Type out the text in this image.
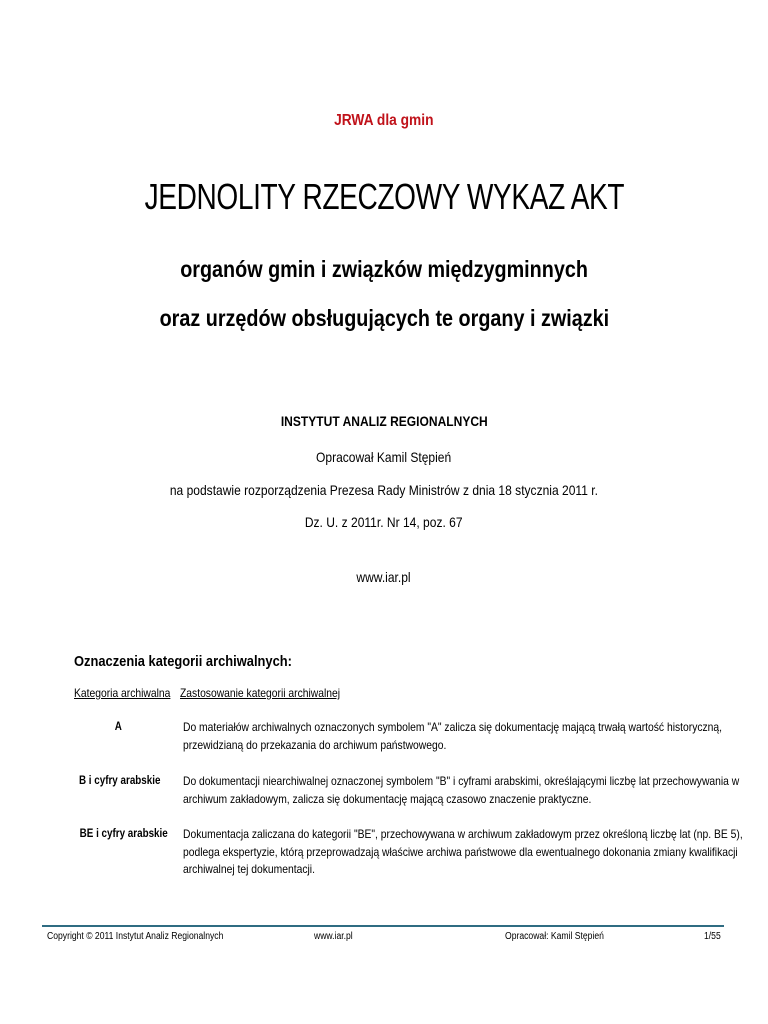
JRWA dla gmin
JEDNOLITY RZECZOWY WYKAZ AKT
organów gmin i związków międzygminnych
oraz urzędów obsługujących te organy i związki
INSTYTUT ANALIZ REGIONALNYCH
Opracował Kamil Stępień
na podstawie rozporządzenia Prezesa Rady Ministrów z dnia 18 stycznia 2011 r.
Dz. U. z 2011r. Nr 14, poz. 67
www.iar.pl
Oznaczenia kategorii archiwalnych:
Kategoria archiwalna Zastosowanie kategorii archiwalnej
A	Do materiałów archiwalnych oznaczonych symbolem "A" zalicza się dokumentację mającą trwałą wartość historyczną,
przewidzianą do przekazania do archiwum państwowego.
B i cyfry arabskie	Do dokumentacji niearchiwalnej oznaczonej symbolem "B" i cyframi arabskimi, określającymi liczbę lat przechowywania w
archiwum zakładowym, zalicza się dokumentację mającą czasowo znaczenie praktyczne.
BE i cyfry arabskie Dokumentacja zaliczana do kategorii "BE", przechowywana w archiwum zakładowym przez określoną liczbę lat (np. BE 5),
podlega ekspertyzie, którą przeprowadzają właściwe archiwa państwowe dla ewentualnego dokonania zmiany kwalifikacji
archiwalnej tej dokumentacji.
Copyright © 2011 Instytut Analiz Regionalnych	www.iar.pl	Opracował: Kamil Stępień	1/55
